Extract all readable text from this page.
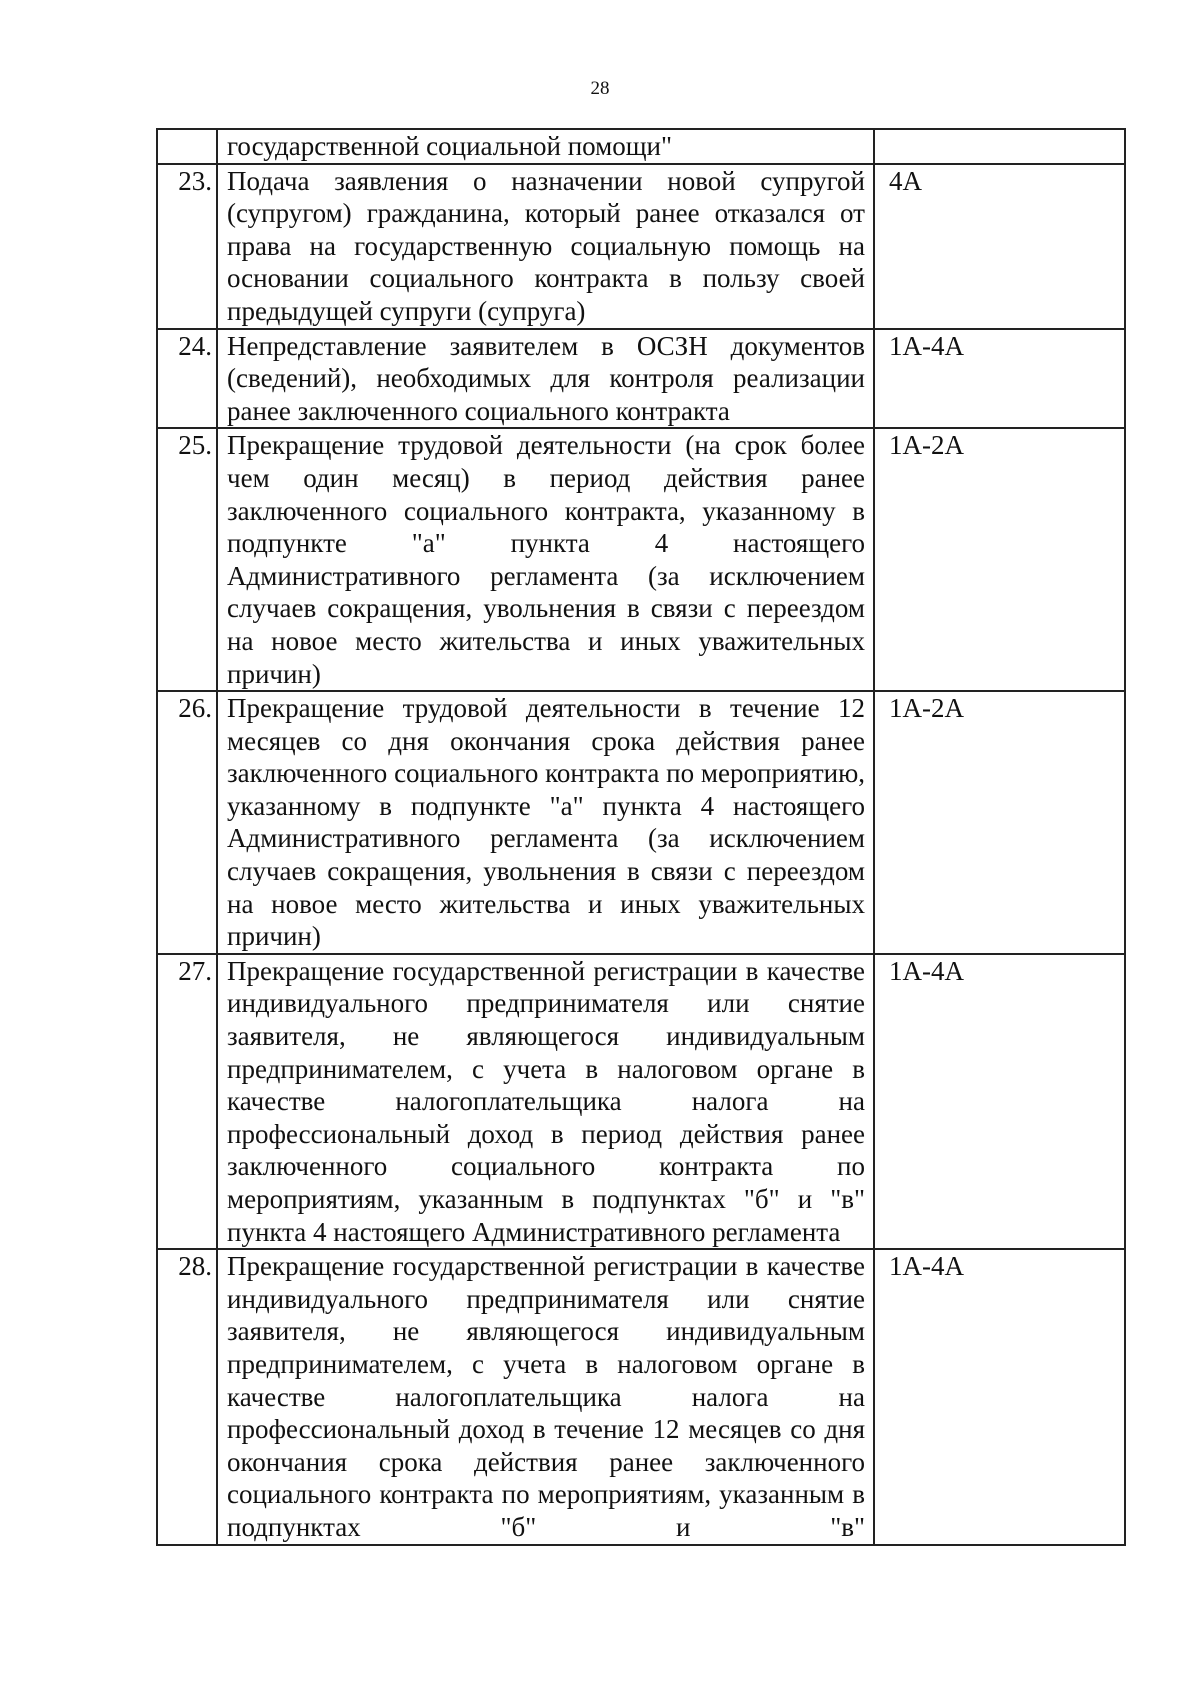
28

	государственной социальной помощи"	

23.	Подача заявления о назначении новой супругой (супругом) гражданина, который ранее отказался от права на государственную социальную помощь на основании социального контракта в пользу своей предыдущей супруги (супруга)	4А
24.	Непредставление заявителем в ОСЗН документов (сведений), необходимых для контроля реализации ранее заключенного социального контракта	1А-4А
25.	Прекращение трудовой деятельности (на срок более чем один месяц) в период действия ранее заключенного социального контракта, указанному в подпункте "а" пункта 4 настоящего Административного регламента (за исключением случаев сокращения, увольнения в связи с переездом на новое место жительства и иных уважительных причин)	1А-2А
26.	Прекращение трудовой деятельности в течение 12 месяцев со дня окончания срока действия ранее заключенного социального контракта по мероприятию, указанному в подпункте "а" пункта 4 настоящего Административного регламента (за исключением случаев сокращения, увольнения в связи с переездом на новое место жительства и иных уважительных причин)	1А-2А
27.	Прекращение государственной регистрации в качестве индивидуального предпринимателя или снятие заявителя, не являющегося индивидуальным предпринимателем, с учета в налоговом органе в качестве налогоплательщика налога на профессиональный доход в период действия ранее заключенного социального контракта по мероприятиям, указанным в подпунктах "б" и "в" пункта 4 настоящего Административного регламента	1А-4А
28.	Прекращение государственной регистрации в качестве индивидуального предпринимателя или снятие заявителя, не являющегося индивидуальным предпринимателем, с учета в налоговом органе в качестве налогоплательщика налога на профессиональный доход в течение 12 месяцев со дня окончания срока действия ранее заключенного социального контракта по мероприятиям, указанным в подпунктах "б" и "в"	1А-4А
